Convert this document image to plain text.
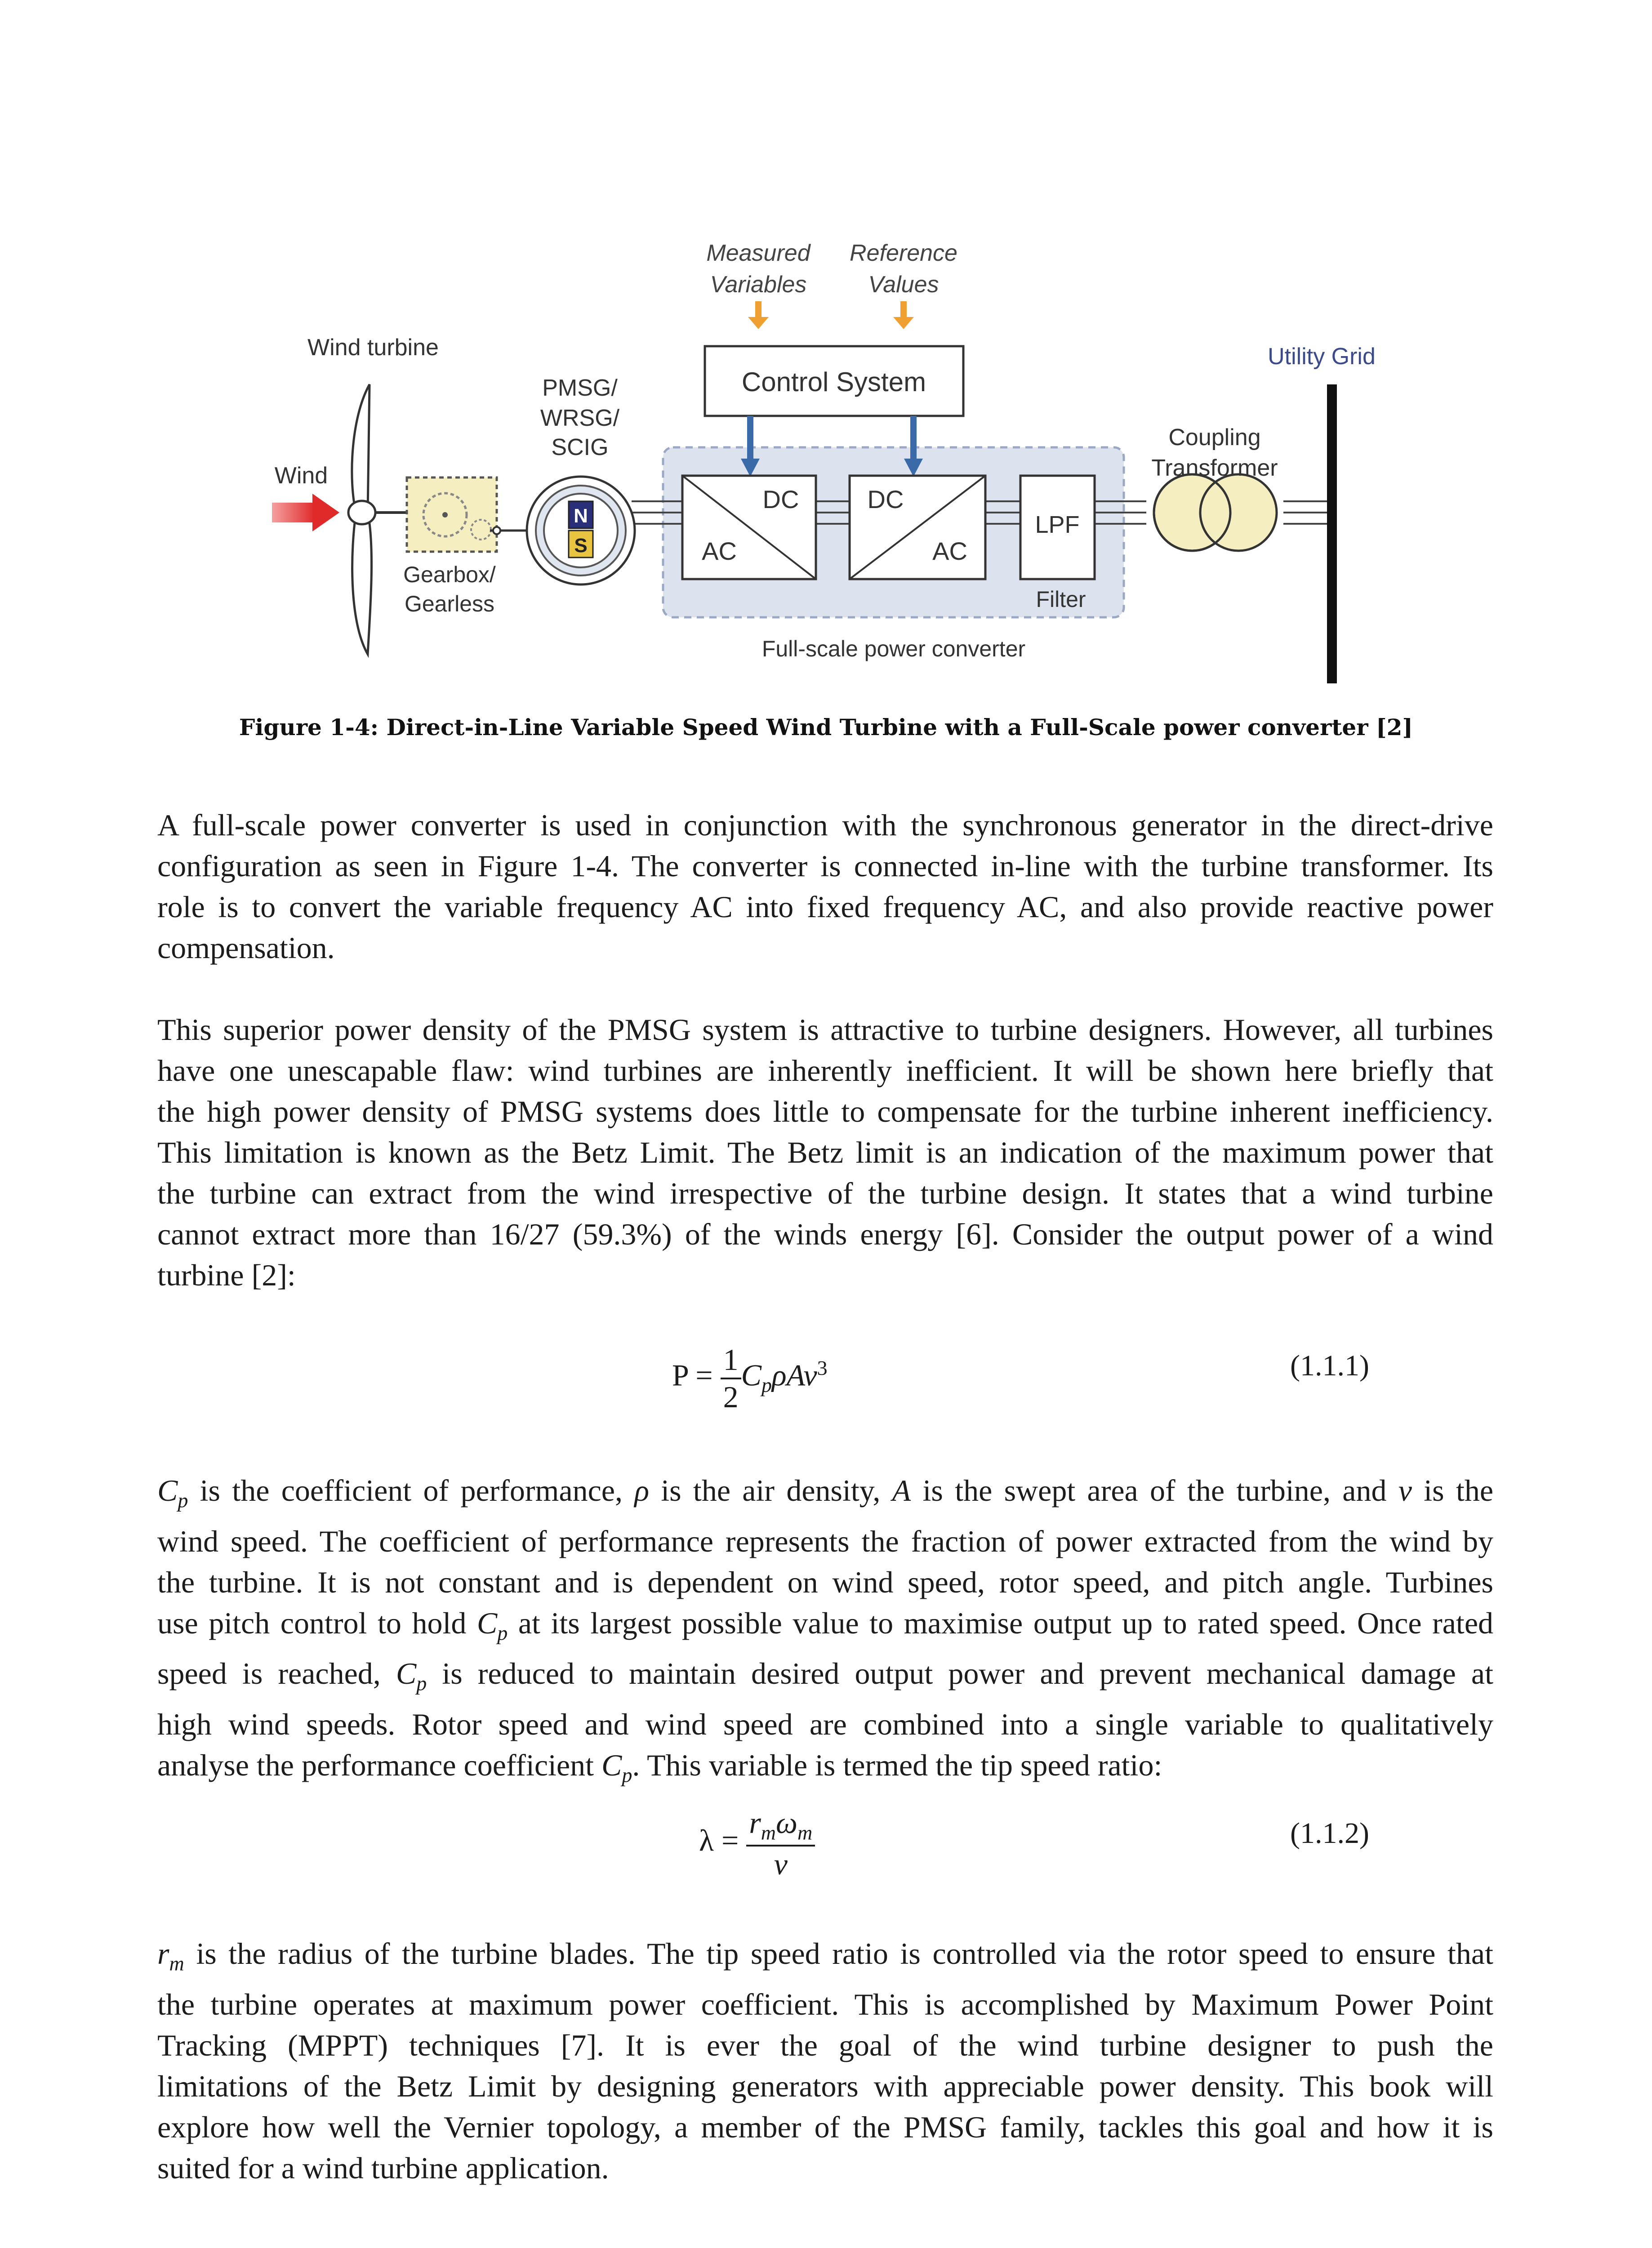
Measured
Variables
Reference
Values
Control System
DC
AC
DC
AC
LPF
Filter
Full-scale power converter
Coupling
Transformer
Utility Grid
Wind turbine
Wind
Gearbox/
Gearless
PMSG/
WRSG/
SCIG
N
S
Figure 1-4: Direct-in-Line Variable Speed Wind Turbine with a Full-Scale power converter [2]
A full-scale power converter is used in conjunction with the synchronous generator in the direct-drive
configuration as seen in Figure 1-4. The converter is connected in-line with the turbine transformer. Its
role is to convert the variable frequency AC into fixed frequency AC, and also provide reactive power
compensation.
This superior power density of the PMSG system is attractive to turbine designers. However, all turbines
have one unescapable flaw: wind turbines are inherently inefficient. It will be shown here briefly that
the high power density of PMSG systems does little to compensate for the turbine inherent inefficiency.
This limitation is known as the Betz Limit. The Betz limit is an indication of the maximum power that
the turbine can extract from the wind irrespective of the turbine design. It states that a wind turbine
cannot extract more than 16/27 (59.3%) of the winds energy [6]. Consider the output power of a wind
turbine [2]:
$P = \frac{1}{2} C_p\rho Av^3$	(1.1.1)
$C_p$ is the coefficient of performance, ρ is the air density, A is the swept area of the turbine, and v is the
wind speed. The coefficient of performance represents the fraction of power extracted from the wind by
the turbine. It is not constant and is dependent on wind speed, rotor speed, and pitch angle. Turbines
use pitch control to hold $C_p$ at its largest possible value to maximise output up to rated speed. Once rated
speed is reached, $C_p$ is reduced to maintain desired output power and prevent mechanical damage at
high wind speeds. Rotor speed and wind speed are combined into a single variable to qualitatively
analyse the performance coefficient $C_p$. This variable is termed the tip speed ratio:
$\lambda = \frac{r_m\omega_m}{v}$	(1.1.2)
$r_m$ is the radius of the turbine blades. The tip speed ratio is controlled via the rotor speed to ensure that
the turbine operates at maximum power coefficient. This is accomplished by Maximum Power Point
Tracking (MPPT) techniques [7]. It is ever the goal of the wind turbine designer to push the
limitations of the Betz Limit by designing generators with appreciable power density. This book will
explore how well the Vernier topology, a member of the PMSG family, tackles this goal and how it is
suited for a wind turbine application.
